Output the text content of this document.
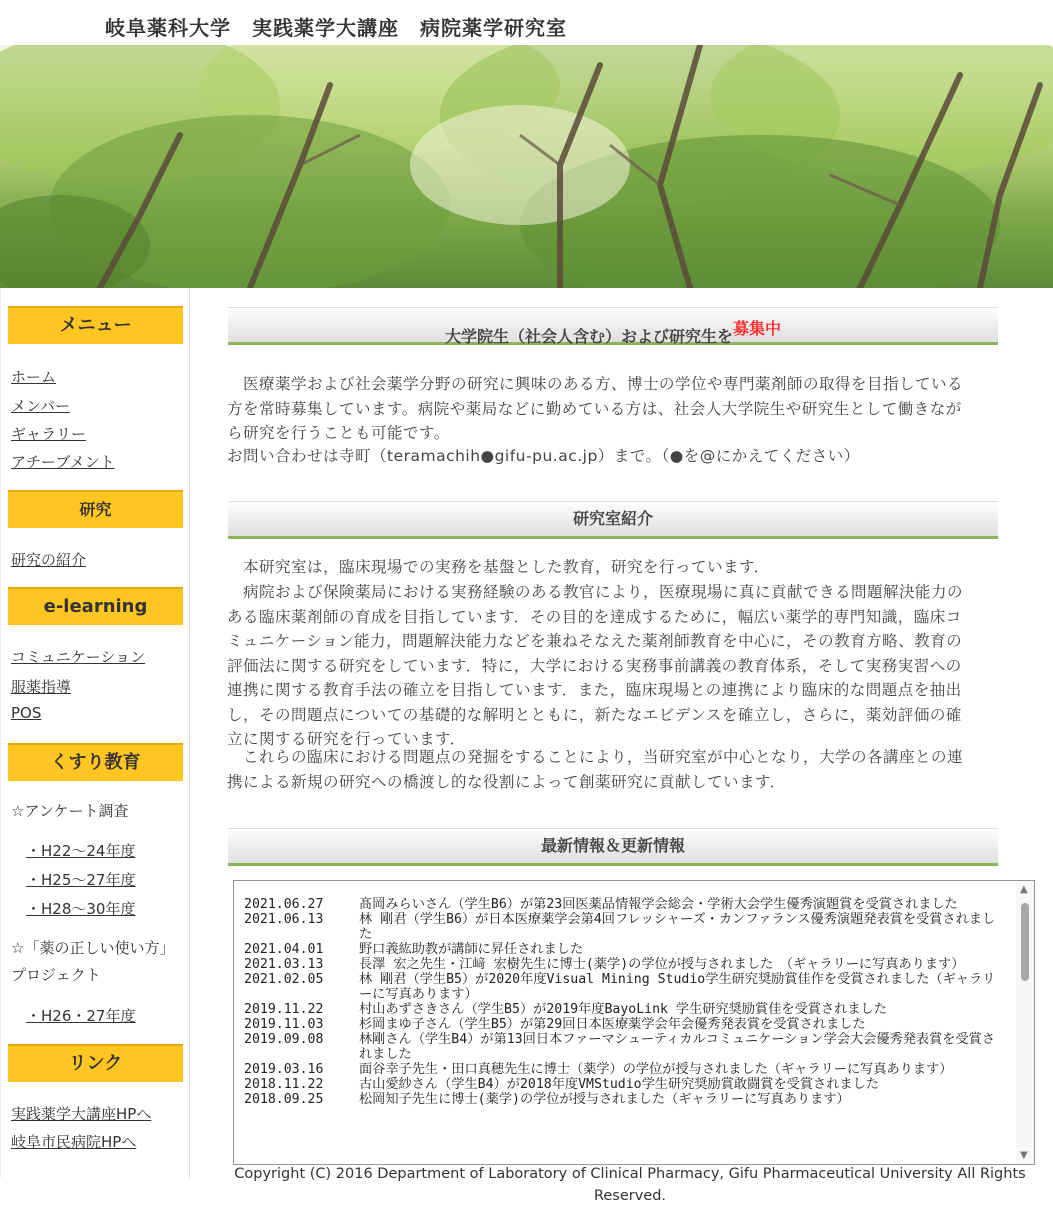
岐阜薬科大学　実践薬学大講座　病院薬学研究室
メニュー
ホーム
メンバー
ギャラリー
アチーブメント
研究
研究の紹介
e-learning
コミュニケーション
服薬指導
POS
くすり教育
☆アンケート調査
・H22～24年度
・H25～27年度
・H28～30年度
☆「薬の正しい使い方」プロジェクト
・H26・27年度
リンク
実践薬学大講座HPへ
岐阜市民病院HPへ
大学院生（社会人含む）および研究生を募集中
　医療薬学および社会薬学分野の研究に興味のある方、博士の学位や専門薬剤師の取得を目指している方を常時募集しています。病院や薬局などに勤めている方は、社会人大学院生や研究生として働きながら研究を行うことも可能です。
お問い合わせは寺町（teramachih●gifu-pu.ac.jp）まで。（●を@にかえてください）
研究室紹介
　本研究室は，臨床現場での実務を基盤とした教育，研究を行っています．
　病院および保険薬局における実務経験のある教官により，医療現場に真に貢献できる問題解決能力のある臨床薬剤師の育成を目指しています．その目的を達成するために，幅広い薬学的専門知識，臨床コミュニケーション能力，問題解決能力などを兼ねそなえた薬剤師教育を中心に，その教育方略、教育の評価法に関する研究をしています．特に，大学における実務事前講義の教育体系，そして実務実習への連携に関する教育手法の確立を目指しています．また，臨床現場との連携により臨床的な問題点を抽出し，その問題点についての基礎的な解明とともに，新たなエビデンスを確立し，さらに，薬効評価の確立に関する研究を行っています．
　これらの臨床における問題点の発掘をすることにより，当研究室が中心となり，大学の各講座との連携による新規の研究への橋渡し的な役割によって創薬研究に貢献しています．
最新情報＆更新情報
2021.06.27	髙岡みらいさん（学生B6）が第23回医薬品情報学会総会・学術大会学生優秀演題賞を受賞されました
2021.06.13	林 剛君（学生B6）が日本医療薬学会第4回フレッシャーズ・カンファランス優秀演題発表賞を受賞されました
2021.04.01	野口義紘助教が講師に昇任されました
2021.03.13	長澤 宏之先生・江﨑 宏樹先生に博士(薬学)の学位が授与されました　（ギャラリーに写真あります）
2021.02.05	林 剛君（学生B5）が2020年度Visual Mining Studio学生研究奨励賞佳作を受賞されました（ギャラリーに写真あります）
2019.11.22	村山あずさきさん（学生B5）が2019年度BayoLink 学生研究奨励賞佳を受賞されました
2019.11.03	杉岡まゆ子さん（学生B5）が第29回日本医療薬学会年会優秀発表賞を受賞されました
2019.09.08	林剛さん（学生B4）が第13回日本ファーマシューティカルコミュニケーション学会大会優秀発表賞を受賞されました
2019.03.16	面谷幸子先生・田口真穂先生に博士（薬学）の学位が授与されました（ギャラリーに写真あります）
2018.11.22	古山愛紗さん（学生B4）が2018年度VMStudio学生研究奨励賞敢闘賞を受賞されました
2018.09.25	松岡知子先生に博士(薬学)の学位が授与されました（ギャラリーに写真あります）
▲
▼
Copyright (C) 2016 Department of Laboratory of Clinical Pharmacy, Gifu Pharmaceutical University All Rights Reserved.
